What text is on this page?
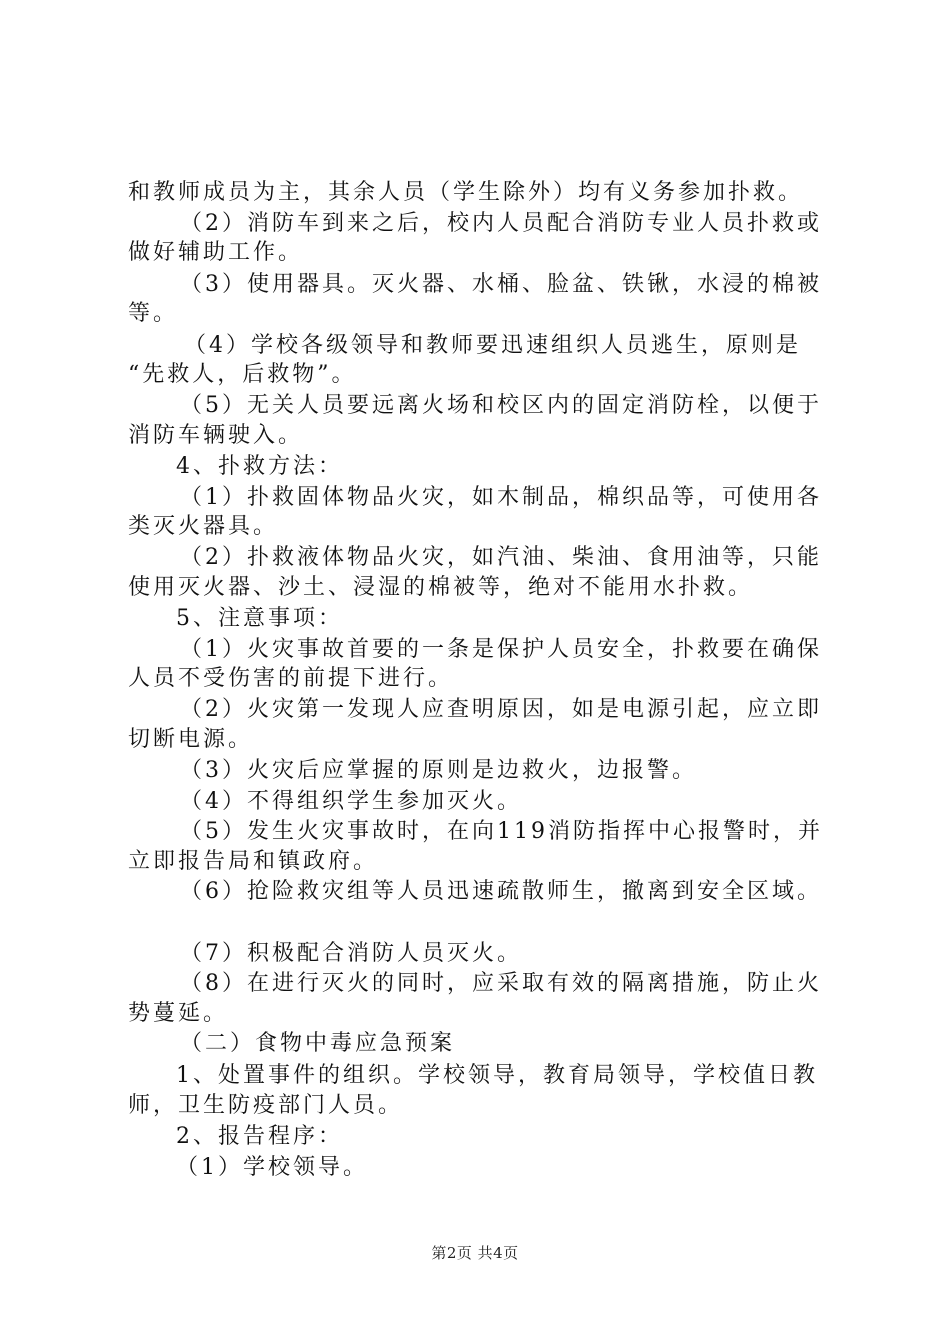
和教师成员为主，其余人员（学生除外）均有义务参加扑救。
（2）消防车到来之后，校内人员配合消防专业人员扑救或
做好辅助工作。
（3）使用器具。灭火器、水桶、脸盆、铁锹，水浸的棉被
等。
（4）学校各级领导和教师要迅速组织人员逃生，原则是
“先救人，后救物”。
（5）无关人员要远离火场和校区内的固定消防栓，以便于
消防车辆驶入。
4、扑救方法：
（1）扑救固体物品火灾，如木制品，棉织品等，可使用各
类灭火器具。
（2）扑救液体物品火灾，如汽油、柴油、食用油等，只能
使用灭火器、沙土、浸湿的棉被等，绝对不能用水扑救。
5、注意事项：
（1）火灾事故首要的一条是保护人员安全，扑救要在确保
人员不受伤害的前提下进行。
（2）火灾第一发现人应查明原因，如是电源引起，应立即
切断电源。
（3）火灾后应掌握的原则是边救火，边报警。
（4）不得组织学生参加灭火。
（5）发生火灾事故时，在向119消防指挥中心报警时，并
立即报告局和镇政府。
（6）抢险救灾组等人员迅速疏散师生，撤离到安全区域。
（7）积极配合消防人员灭火。
（8）在进行灭火的同时，应采取有效的隔离措施，防止火
势蔓延。
（二）食物中毒应急预案
1、处置事件的组织。学校领导，教育局领导，学校值日教
师，卫生防疫部门人员。
2、报告程序：
（1）学校领导。
第2页 共4页
